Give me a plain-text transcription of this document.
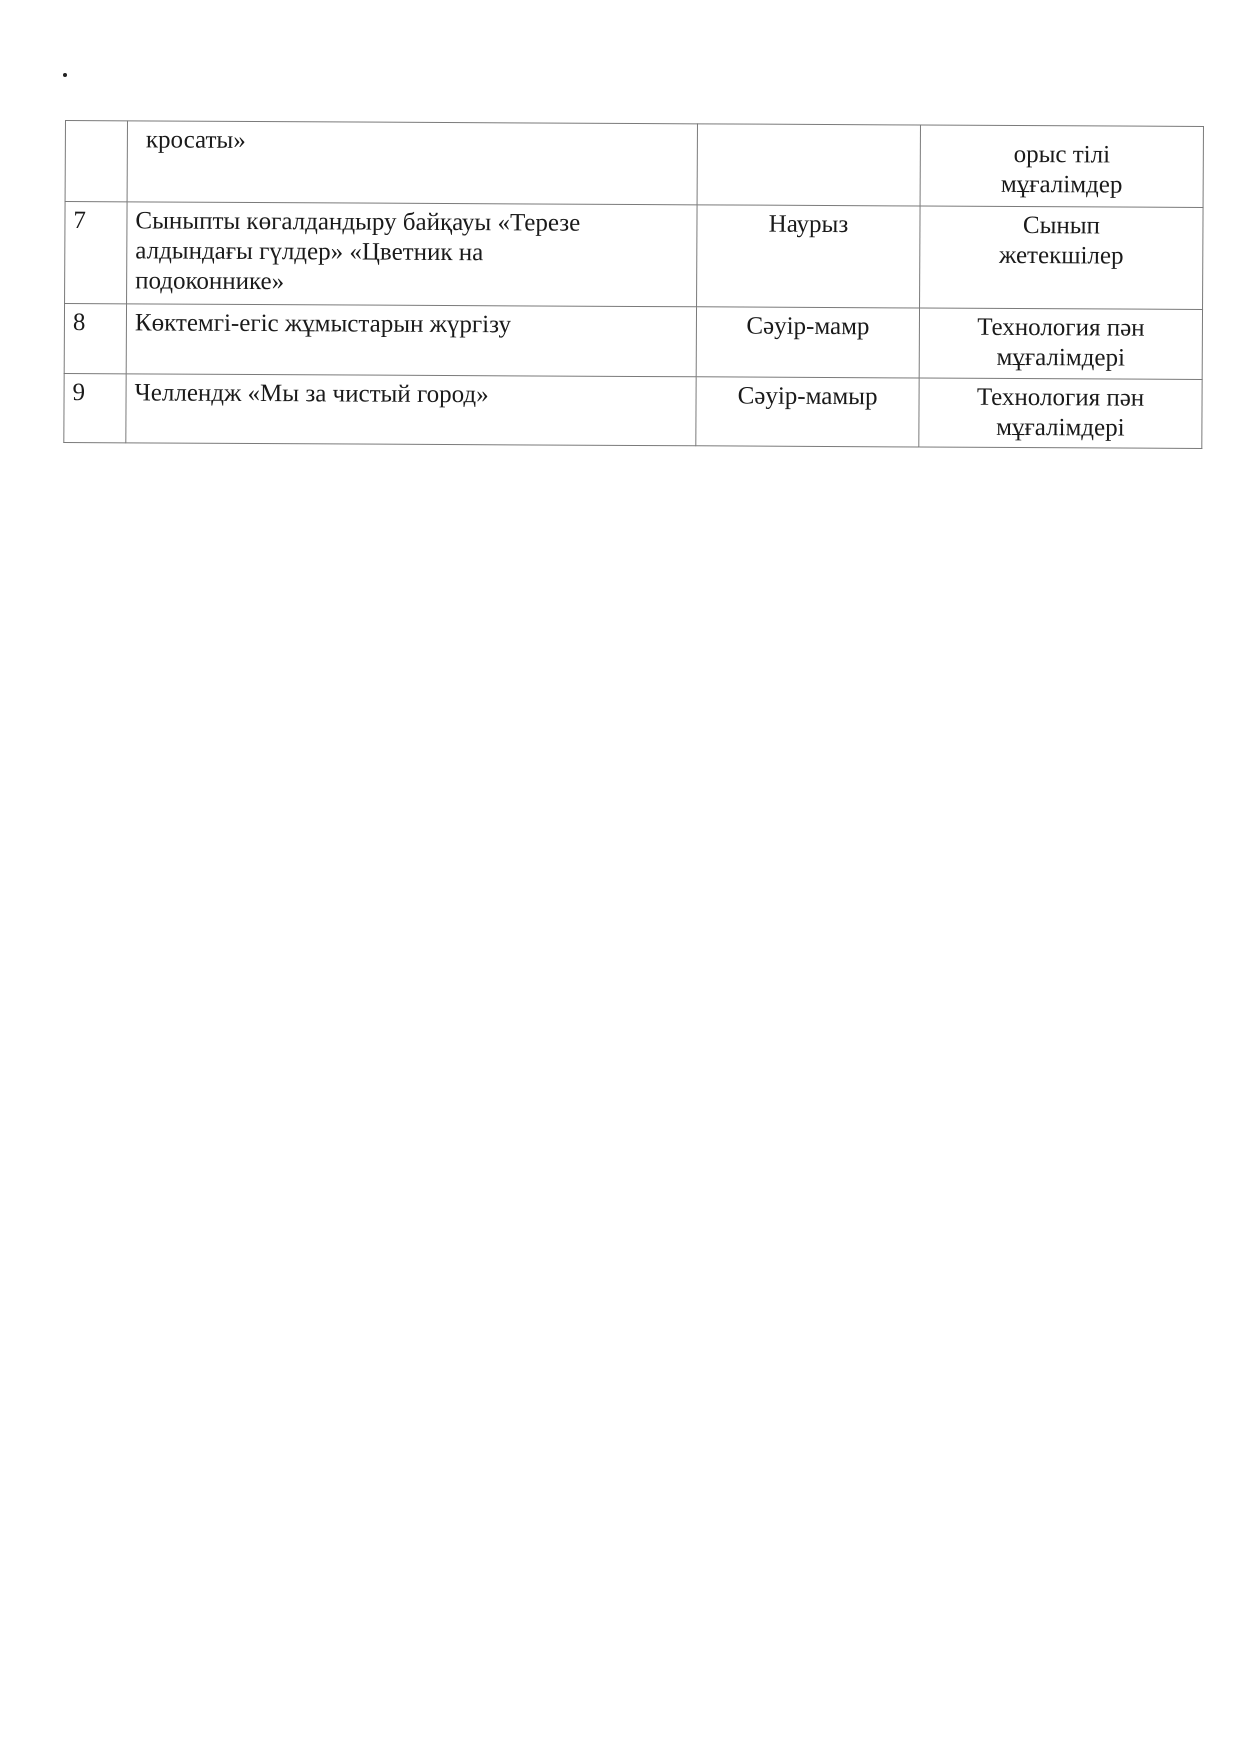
	кросаты»		орыс тілі
мұғалімдер

7	Сыныпты көгалдандыру байқауы «Терезе
алдындағы гүлдер» «Цветник на
подоконнике»	Наурыз	Сынып
жетекшілер

8	Көктемгі-егіс жұмыстарын жүргізу	Сәуір-мамр	Технология пән
мұғалімдері

9	Челлендж «Мы за чистый город»	Сәуір-мамыр	Технология пән
мұғалімдері
